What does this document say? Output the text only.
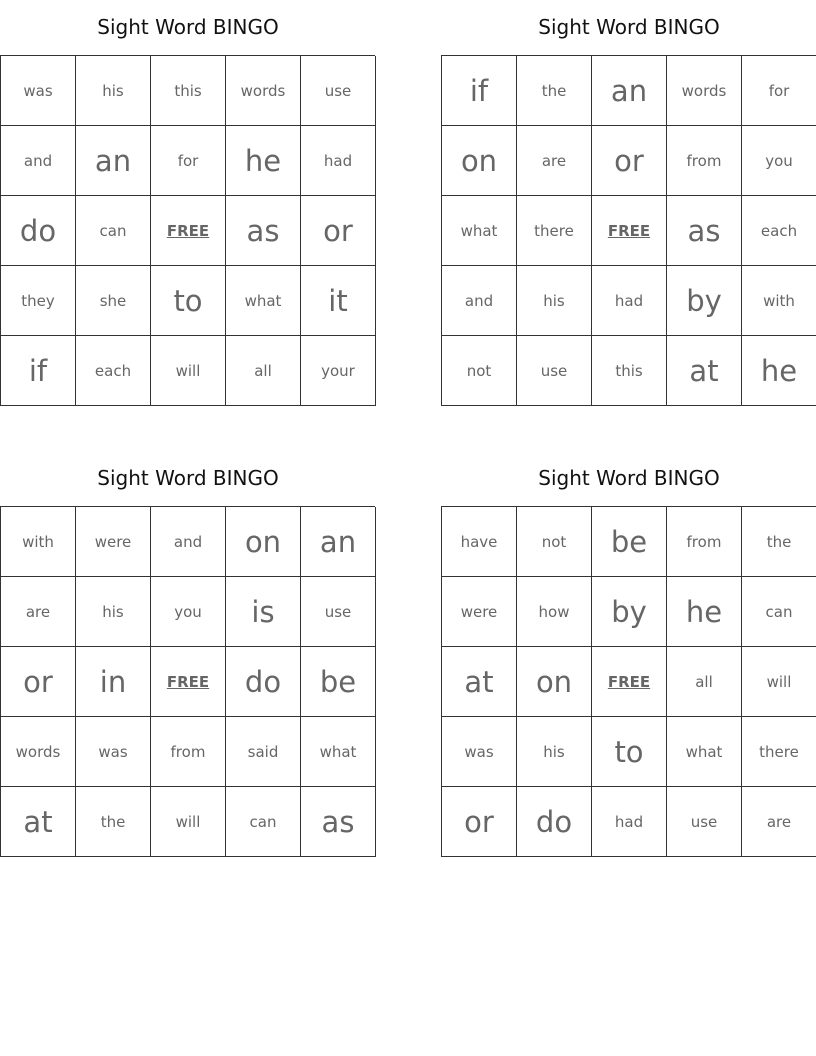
Sight Word BINGO
was	his	this	words	use
and	an	for	he	had
do	can	FREE	as	or
they	she	to	what	it
if	each	will	all	your
Sight Word BINGO
if	the	an	words	for
on	are	or	from	you
what	there	FREE	as	each
and	his	had	by	with
not	use	this	at	he
Sight Word BINGO
with	were	and	on	an
are	his	you	is	use
or	in	FREE	do	be
words	was	from	said	what
at	the	will	can	as
Sight Word BINGO
have	not	be	from	the
were	how	by	he	can
at	on	FREE	all	will
was	his	to	what	there
or	do	had	use	are
